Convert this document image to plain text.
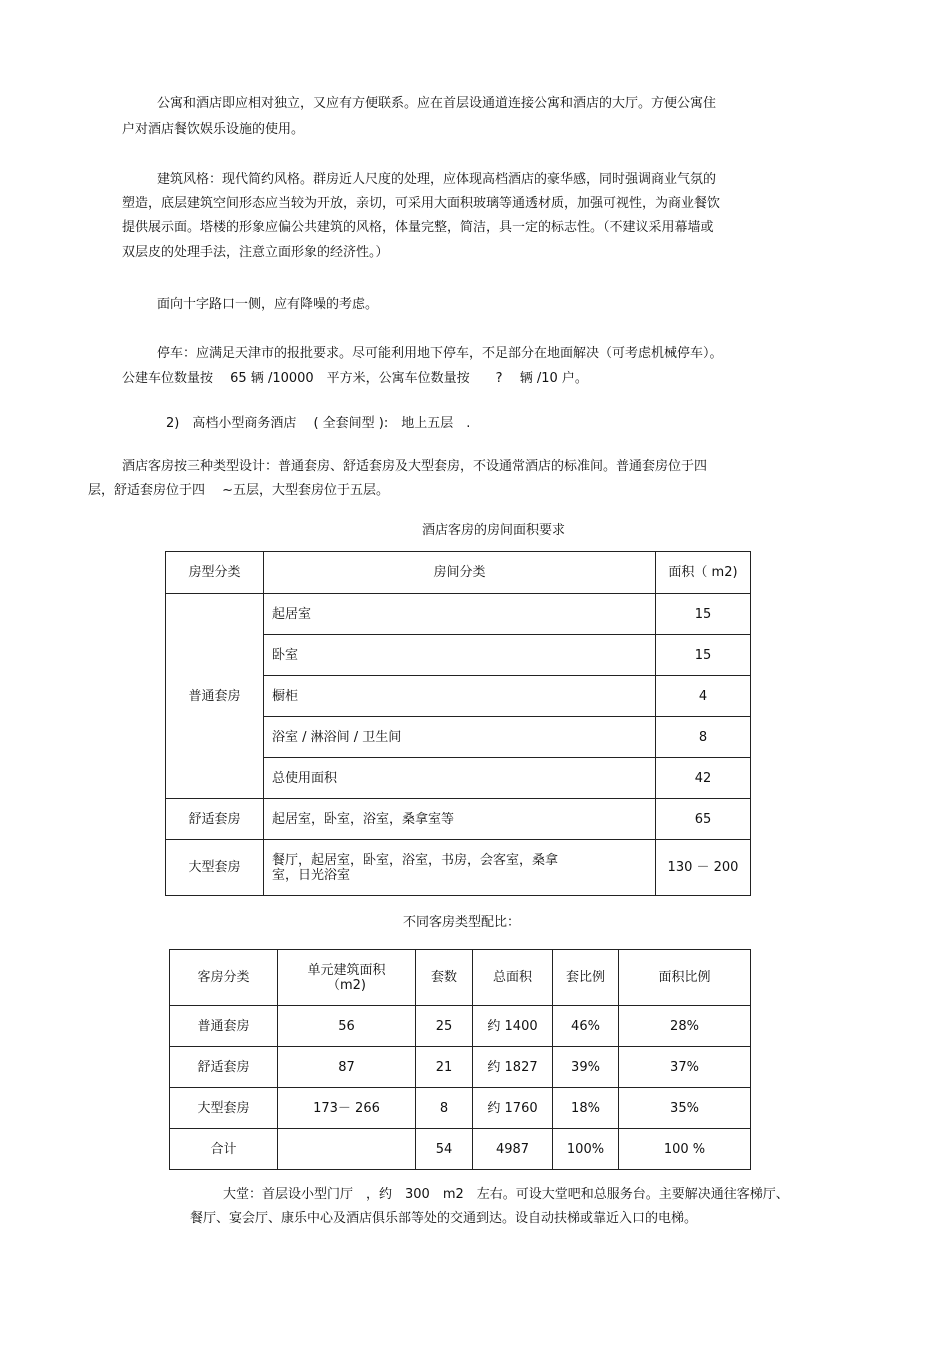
公寓和酒店即应相对独立，又应有方便联系。应在首层设通道连接公寓和酒店的大厅。方便公寓住
户对酒店餐饮娱乐设施的使用。
建筑风格：现代简约风格。群房近人尺度的处理，应体现高档酒店的豪华感，同时强调商业气氛的
塑造，底层建筑空间形态应当较为开放，亲切，可采用大面积玻璃等通透材质，加强可视性，为商业餐饮
提供展示面。塔楼的形象应偏公共建筑的风格，体量完整，简洁，具一定的标志性。（不建议采用幕墙或
双层皮的处理手法，注意立面形象的经济性。）
面向十字路口一侧，应有降噪的考虑。
停车：应满足天津市的报批要求。尽可能利用地下停车，不足部分在地面解决（可考虑机械停车）。
公建车位数量按　 65 辆 /10000　平方米，公寓车位数量按　　?　 辆 /10 户。
2)　高档小型商务酒店　 ( 全套间型 ):　地上五层　.
酒店客房按三种类型设计：普通套房、舒适套房及大型套房，不设通常酒店的标准间。普通套房位于四
层，舒适套房位于四　 ~五层，大型套房位于五层。
酒店客房的房间面积要求
房型分类	房间分类	面积（ m2)
普通套房	起居室	15
	卧室	15
	橱柜	4
	浴室 / 淋浴间 / 卫生间	8
	总使用面积	42
舒适套房	起居室，卧室，浴室，桑拿室等	65
大型套房	餐厅，起居室，卧室，浴室，书房，会客室，桑拿室，日光浴室	130 － 200
不同客房类型配比：
客房分类	单元建筑面积（m2)	套数	总面积	套比例	面积比例
普通套房	56	25	约 1400	46%	28%
舒适套房	87	21	约 1827	39%	37%
大型套房	173－ 266	8	约 1760	18%	35%
合计		54	4987	100%	100 %
大堂：首层设小型门厅　，约　300　m2　左右。可设大堂吧和总服务台。主要解决通往客梯厅、
餐厅、宴会厅、康乐中心及酒店俱乐部等处的交通到达。设自动扶梯或靠近入口的电梯。
